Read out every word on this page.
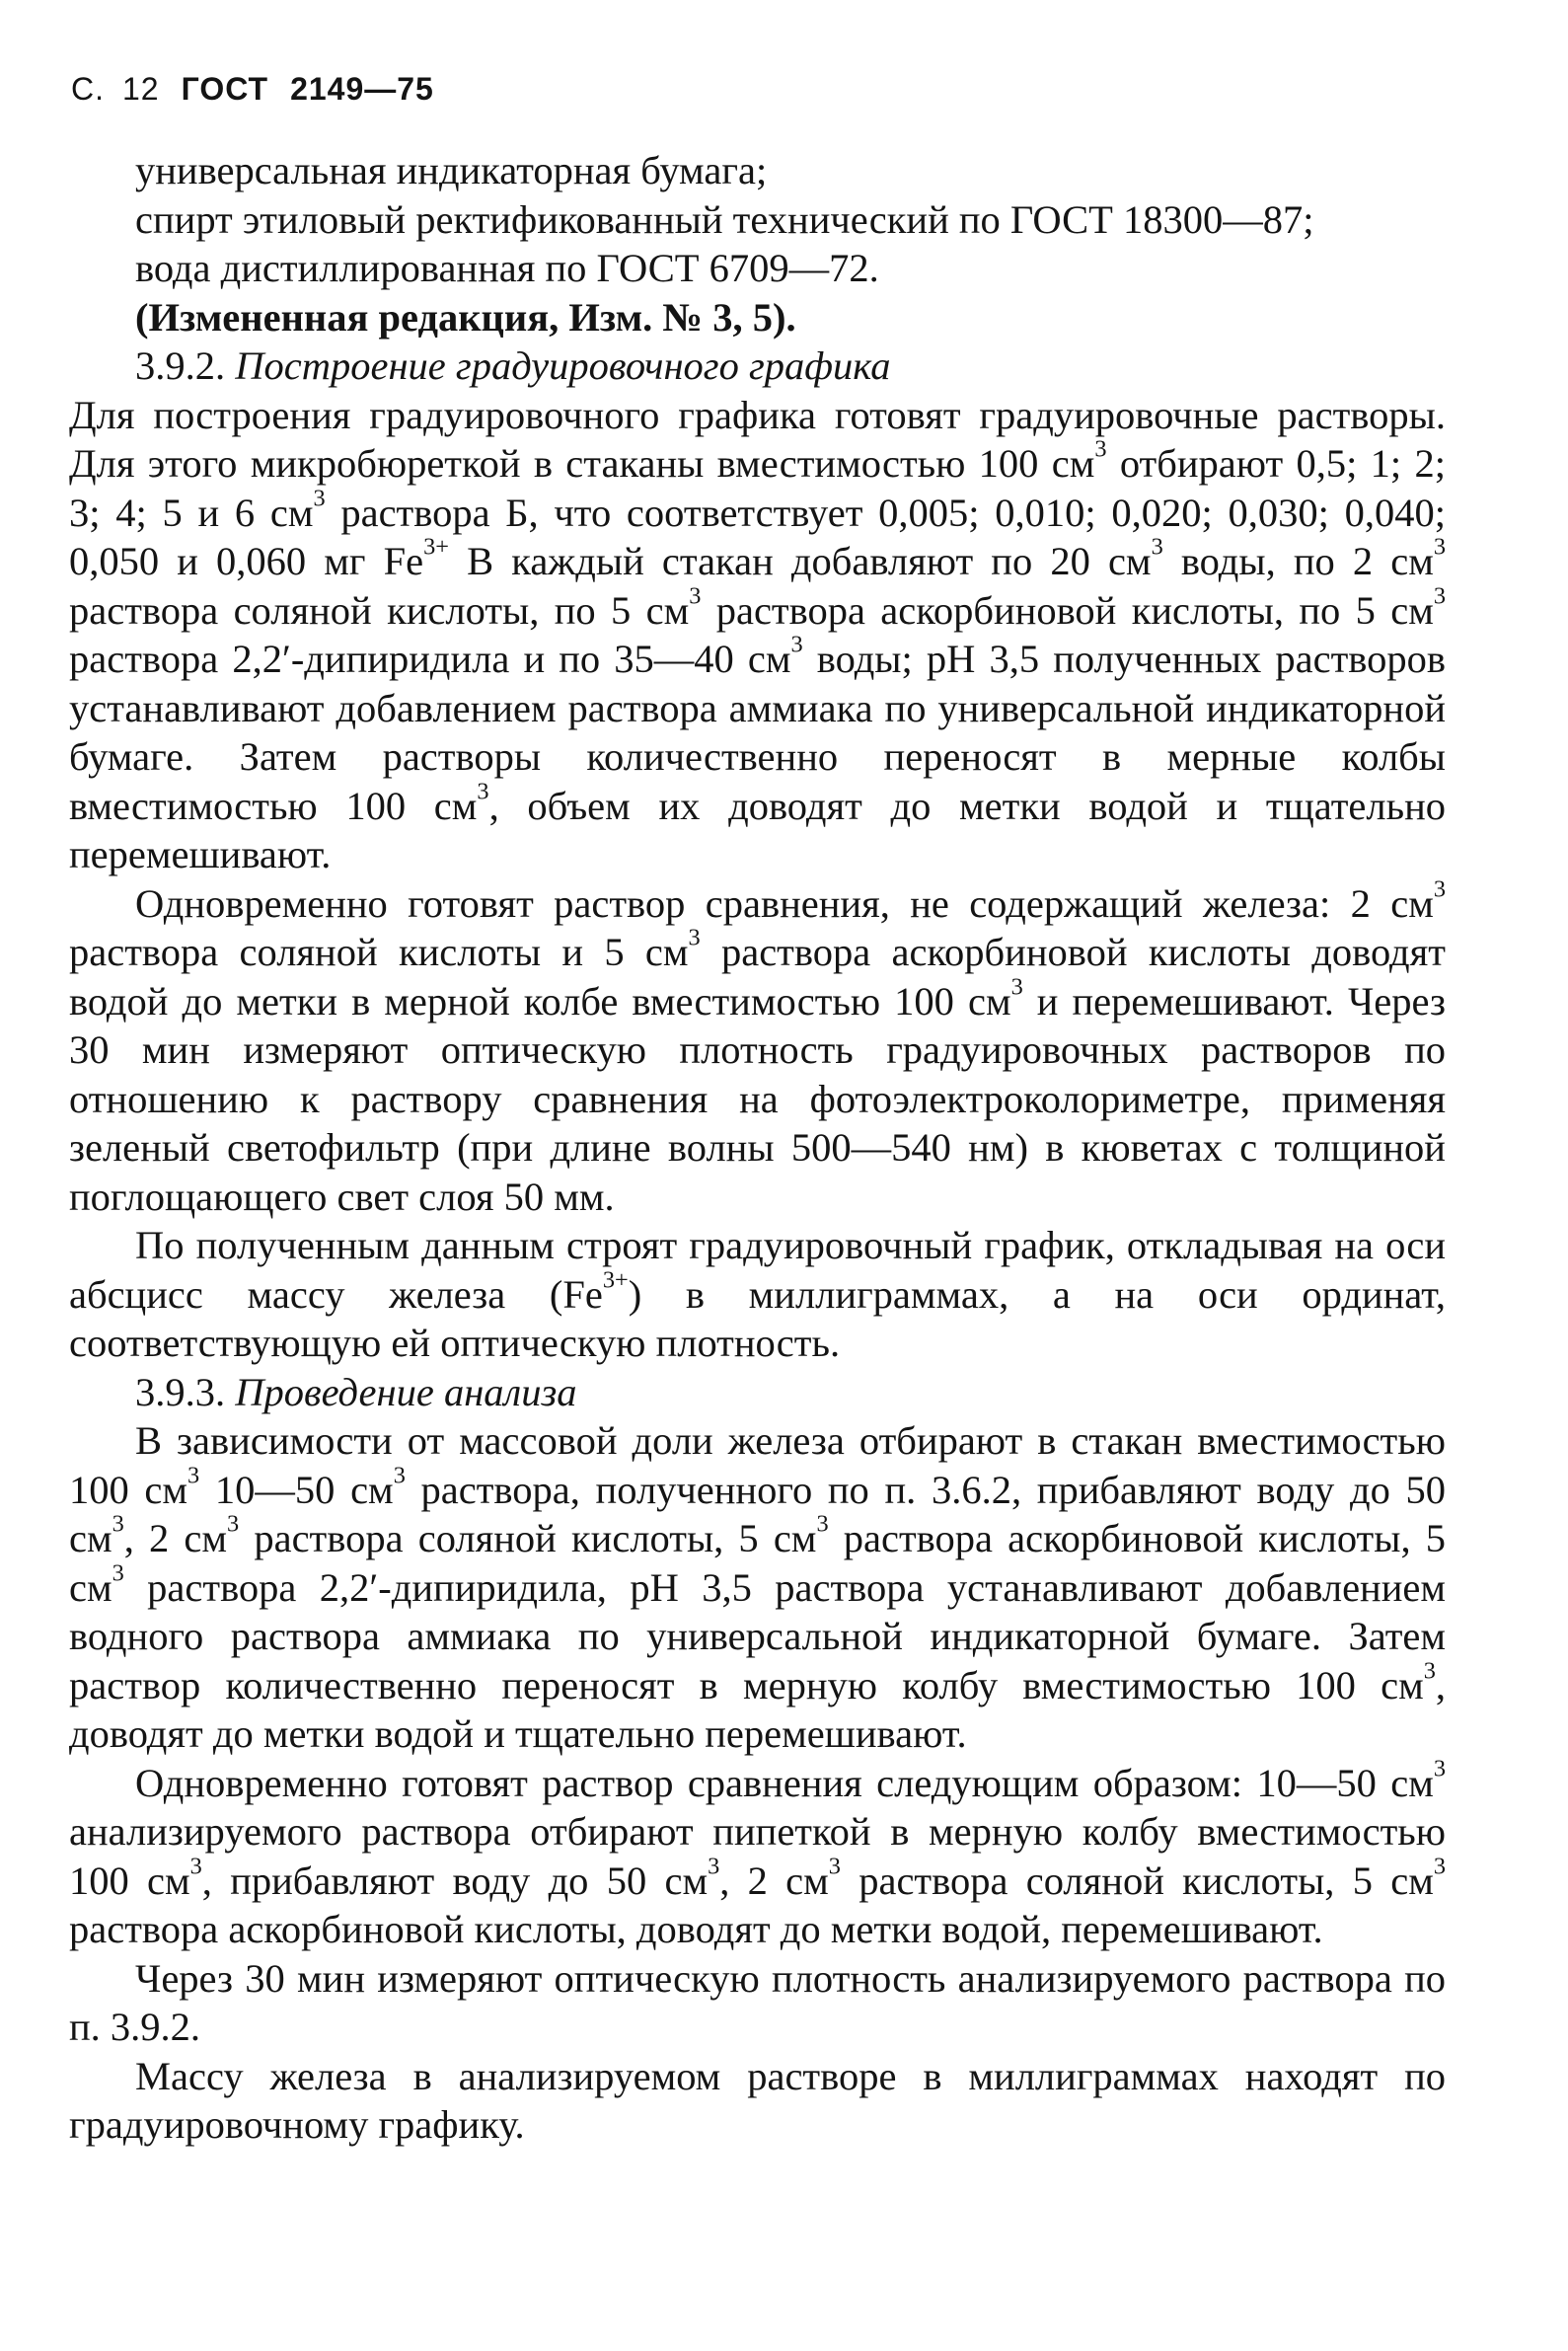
С. 12 ГОСТ 2149—75

универсальная индикаторная бумага;

спирт этиловый ректификованный технический по ГОСТ 18300—87;

вода дистиллированная по ГОСТ 6709—72.

(Измененная редакция, Изм. № 3, 5).

3.9.2. Построение градуировочного графика

Для построения градуировочного графика готовят градуировочные растворы. Для этого микробюреткой в стаканы вместимостью 100 $см^3$ отбирают 0,5; 1; 2; 3; 4; 5 и 6 $см^3$ раствора Б, что соответствует 0,005; 0,010; 0,020; 0,030; 0,040; 0,050 и 0,060 мг $Fe^{3+}$ В каждый стакан добавляют по 20 $см^3$ воды, по 2 $см^3$ раствора соляной кислоты, по 5 $см^3$ раствора аскорбиновой кислоты, по 5 $см^3$ раствора 2,2′-дипиридила и по 35—40 $см^3$ воды; pH 3,5 полученных растворов устанавливают добавлением раствора аммиака по универсальной индикаторной бумаге. Затем растворы количественно переносят в мерные колбы вместимостью 100 $см^3$, объем их доводят до метки водой и тщательно перемешивают.

Одновременно готовят раствор сравнения, не содержащий железа: 2 $см^3$ раствора соляной кислоты и 5 $см^3$ раствора аскорбиновой кислоты доводят водой до метки в мерной колбе вместимостью 100 $см^3$ и перемешивают. Через 30 мин измеряют оптическую плотность градуировочных растворов по отношению к раствору сравнения на фотоэлектроколориметре, применяя зеленый светофильтр (при длине волны 500—540 нм) в кюветах с толщиной поглощающего свет слоя 50 мм.

По полученным данным строят градуировочный график, откладывая на оси абсцисс массу железа $(Fe^{3+})$ в миллиграммах, а на оси ординат, соответствующую ей оптическую плотность.

3.9.3. Проведение анализа

В зависимости от массовой доли железа отбирают в стакан вместимостью 100 $см^3$ 10—50 $см^3$ раствора, полученного по п. 3.6.2, прибавляют воду до 50 $см^3$, 2 $см^3$ раствора соляной кислоты, 5 $см^3$ раствора аскорбиновой кислоты, 5 $см^3$ раствора 2,2′-дипиридила, pH 3,5 раствора устанавливают добавлением водного раствора аммиака по универсальной индикаторной бумаге. Затем раствор количественно переносят в мерную колбу вместимостью 100 $см^3$, доводят до метки водой и тщательно перемешивают.

Одновременно готовят раствор сравнения следующим образом: 10—50 $см^3$ анализируемого раствора отбирают пипеткой в мерную колбу вместимостью 100 $см^3$, прибавляют воду до 50 $см^3$, 2 $см^3$ раствора соляной кислоты, 5 $см^3$ раствора аскорбиновой кислоты, доводят до метки водой, перемешивают.

Через 30 мин измеряют оптическую плотность анализируемого раствора по п. 3.9.2.

Массу железа в анализируемом растворе в миллиграммах находят по градуировочному графику.
